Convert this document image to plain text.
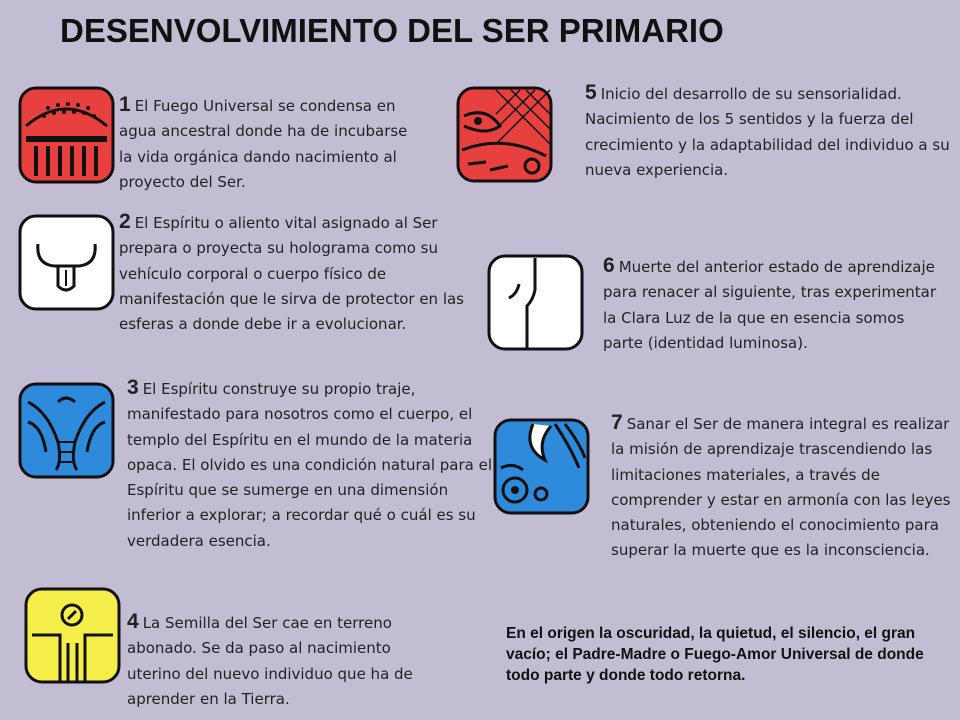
DESENVOLVIMIENTO DEL SER PRIMARIO
1 El Fuego Universal se condensa en agua ancestral donde ha de incubarse la vida orgánica dando nacimiento al proyecto del Ser.
2 El Espíritu o aliento vital asignado al Ser prepara o proyecta su holograma como su vehículo corporal o cuerpo físico de manifestación que le sirva de protector en las esferas a donde debe ir a evolucionar.
3 El Espíritu construye su propio traje, manifestado para nosotros como el cuerpo, el templo del Espíritu en el mundo de la materia opaca. El olvido es una condición natural para el Espíritu que se sumerge en una dimensión inferior a explorar; a recordar qué o cuál es su verdadera esencia.
4 La Semilla del Ser cae en terreno abonado. Se da paso al nacimiento uterino del nuevo individuo que ha de aprender en la Tierra.
5 Inicio del desarrollo de su sensorialidad. Nacimiento de los 5 sentidos y la fuerza del crecimiento y la adaptabilidad del individuo a su nueva experiencia.
6 Muerte del anterior estado de aprendizaje para renacer al siguiente, tras experimentar la Clara Luz de la que en esencia somos parte (identidad luminosa).
7 Sanar el Ser de manera integral es realizar la misión de aprendizaje trascendiendo las limitaciones materiales, a través de comprender y estar en armonía con las leyes naturales, obteniendo el conocimiento para superar la muerte que es la inconsciencia.
En el origen la oscuridad, la quietud, el silencio, el gran vacío; el Padre-Madre o Fuego-Amor Universal de donde todo parte y donde todo retorna.
